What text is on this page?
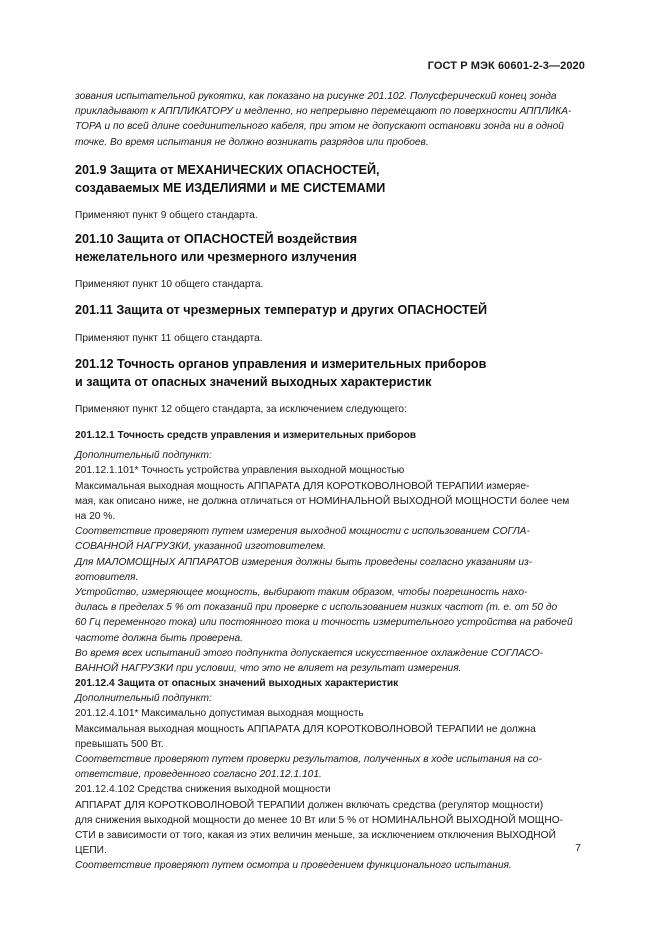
ГОСТ Р МЭК 60601-2-3—2020

зования испытательной рукоятки, как показано на рисунке 201.102. Полусферический конец зонда

прикладывают к АППЛИКАТОРУ и медленно, но непрерывно перемещают по поверхности АППЛИКА-

ТОРА и по всей длине соединительного кабеля, при этом не допускают остановки зонда ни в одной

точке. Во время испытания не должно возникать разрядов или пробоев.

201.9 Защита от МЕХАНИЧЕСКИХ ОПАСНОСТЕЙ,

создаваемых МЕ ИЗДЕЛИЯМИ и МЕ СИСТЕМАМИ

Применяют пункт 9 общего стандарта.

201.10 Защита от ОПАСНОСТЕЙ воздействия

нежелательного или чрезмерного излучения

Применяют пункт 10 общего стандарта.

201.11 Защита от чрезмерных температур и других ОПАСНОСТЕЙ

Применяют пункт 11 общего стандарта.

201.12 Точность органов управления и измерительных приборов

и защита от опасных значений выходных характеристик

Применяют пункт 12 общего стандарта, за исключением следующего:

201.12.1 Точность средств управления и измерительных приборов

Дополнительный подпункт:

201.12.1.101* Точность устройства управления выходной мощностью

Максимальная выходная мощность АППАРАТА ДЛЯ КОРОТКОВОЛНОВОЙ ТЕРАПИИ измеряе-

мая, как описано ниже, не должна отличаться от НОМИНАЛЬНОЙ ВЫХОДНОЙ МОЩНОСТИ более чем

на 20 %.

Соответствие проверяют путем измерения выходной мощности с использованием СОГЛА-

СОВАННОЙ НАГРУЗКИ, указанной изготовителем.

Для МАЛОМОЩНЫХ АППАРАТОВ измерения должны быть проведены согласно указаниям из-

готовителя.

Устройство, измеряющее мощность, выбирают таким образом, чтобы погрешность нахо-

дилась в пределах 5 % от показаний при проверке с использованием низких частот (т. е. от 50 до

60 Гц переменного тока) или постоянного тока и точность измерительного устройства на рабочей

частоте должна быть проверена.

Во время всех испытаний этого подпункта допускается искусственное охлаждение СОГЛАСО-

ВАННОЙ НАГРУЗКИ при условии, что это не влияет на результат измерения.

201.12.4 Защита от опасных значений выходных характеристик

Дополнительный подпункт:

201.12.4.101* Максимально допустимая выходная мощность

Максимальная выходная мощность АППАРАТА ДЛЯ КОРОТКОВОЛНОВОЙ ТЕРАПИИ не должна

превышать 500 Вт.

Соответствие проверяют путем проверки результатов, полученных в ходе испытания на со-

ответствие, проведенного согласно 201.12.1.101.

201.12.4.102 Средства снижения выходной мощности

АППАРАТ ДЛЯ КОРОТКОВОЛНОВОЙ ТЕРАПИИ должен включать средства (регулятор мощности)

для снижения выходной мощности до менее 10 Вт или 5 % от НОМИНАЛЬНОЙ ВЫХОДНОЙ МОЩНО-

СТИ в зависимости от того, какая из этих величин меньше, за исключением отключения ВЫХОДНОЙ

ЦЕПИ.

Соответствие проверяют путем осмотра и проведением функционального испытания.

7
